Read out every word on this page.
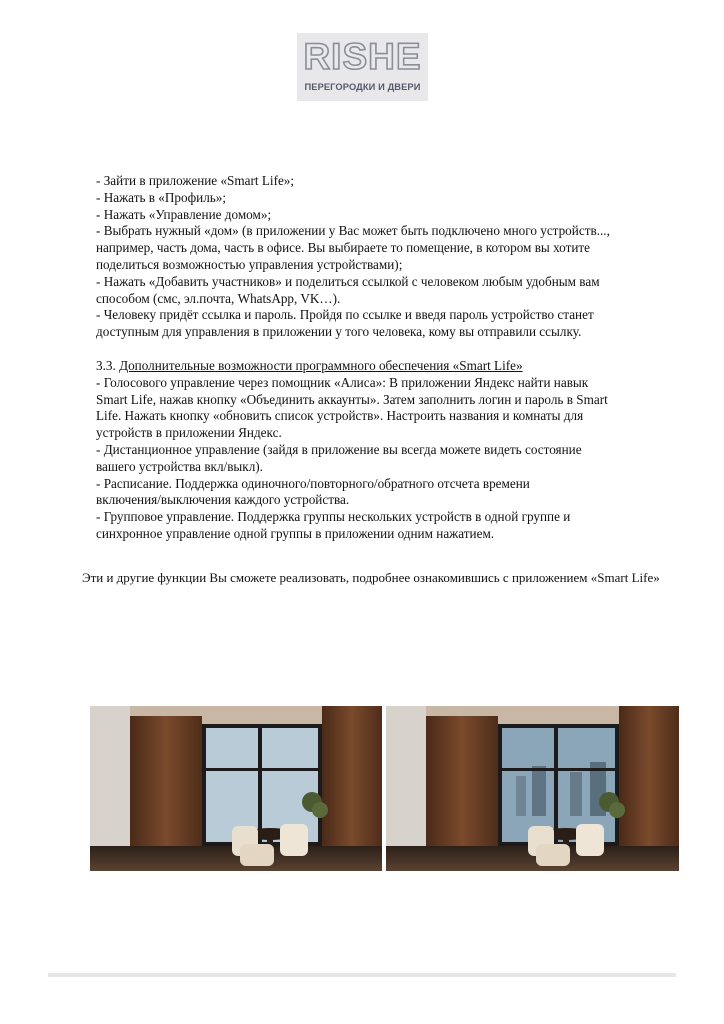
RISHE
ПЕРЕГОРОДКИ И ДВЕРИ

- Зайти в приложение «Smart Life»;

- Нажать в «Профиль»;

- Нажать «Управление домом»;

- Выбрать нужный «дом» (в приложении у Вас может быть подключено много устройств...,

например, часть дома, часть в офисе. Вы выбираете то помещение, в котором вы хотите

поделиться возможностью управления устройствами);

- Нажать «Добавить участников» и поделиться ссылкой с человеком любым удобным вам

способом (смс, эл.почта, WhatsApp, VK…).

- Человеку придёт ссылка и пароль. Пройдя по ссылке и введя пароль устройство станет

доступным для управления в приложении у того человека, кому вы отправили ссылку.

3.3. Дополнительные возможности программного обеспечения «Smart Life»

- Голосового управление через помощник «Алиса»: В приложении Яндекс найти навык

Smart Life, нажав кнопку «Объединить аккаунты». Затем заполнить логин и пароль в Smart

Life. Нажать кнопку «обновить список устройств». Настроить названия и комнаты для

устройств в приложении Яндекс.

- Дистанционное управление (зайдя в приложение вы всегда можете видеть состояние

вашего устройства вкл/выкл).

- Расписание. Поддержка одиночного/повторного/обратного отсчета времени

включения/выключения каждого устройства.

- Групповое управление. Поддержка группы нескольких устройств в одной группе и

синхронное управление одной группы в приложении одним нажатием.

Эти и другие функции Вы сможете реализовать, подробнее ознакомившись с приложением «Smart Life»
